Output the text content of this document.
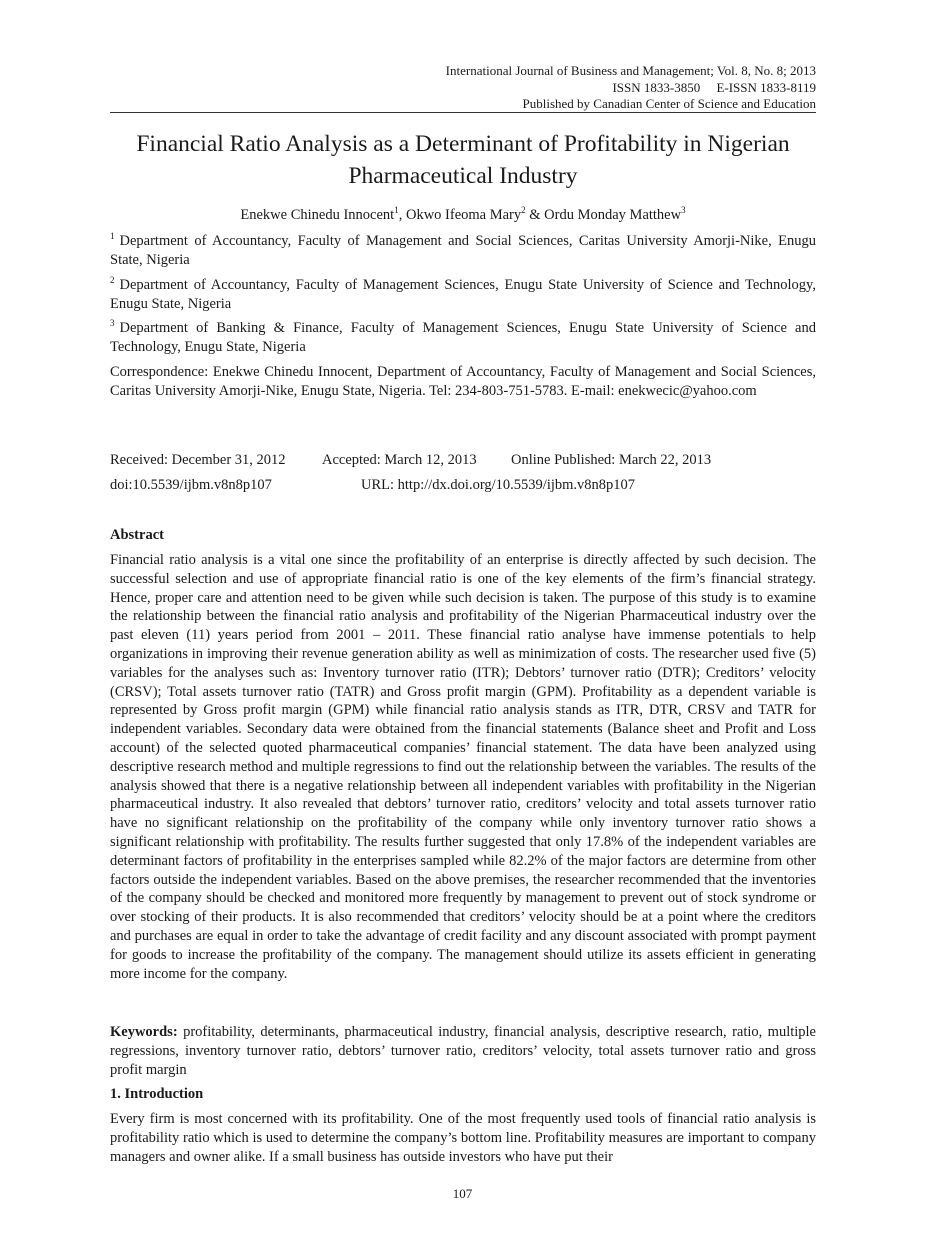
International Journal of Business and Management; Vol. 8, No. 8; 2013
ISSN 1833-3850     E-ISSN 1833-8119
Published by Canadian Center of Science and Education
Financial Ratio Analysis as a Determinant of Profitability in Nigerian Pharmaceutical Industry
Enekwe Chinedu Innocent$^1$, Okwo Ifeoma Mary$^2$ & Ordu Monday Matthew$^3$
$^1$ Department of Accountancy, Faculty of Management and Social Sciences, Caritas University Amorji-Nike, Enugu State, Nigeria
$^2$ Department of Accountancy, Faculty of Management Sciences, Enugu State University of Science and Technology, Enugu State, Nigeria
$^3$ Department of Banking & Finance, Faculty of Management Sciences, Enugu State University of Science and Technology, Enugu State, Nigeria
Correspondence: Enekwe Chinedu Innocent, Department of Accountancy, Faculty of Management and Social Sciences, Caritas University Amorji-Nike, Enugu State, Nigeria. Tel: 234-803-751-5783. E-mail: enekwecic@yahoo.com
Received: December 31, 2012	Accepted: March 12, 2013 Online Published: March 22, 2013
doi:10.5539/ijbm.v8n8p107	URL: http://dx.doi.org/10.5539/ijbm.v8n8p107
Abstract
Financial ratio analysis is a vital one since the profitability of an enterprise is directly affected by such decision. The successful selection and use of appropriate financial ratio is one of the key elements of the firm’s financial strategy. Hence, proper care and attention need to be given while such decision is taken. The purpose of this study is to examine the relationship between the financial ratio analysis and profitability of the Nigerian Pharmaceutical industry over the past eleven (11) years period from 2001 – 2011. These financial ratio analyse have immense potentials to help organizations in improving their revenue generation ability as well as minimization of costs. The researcher used five (5) variables for the analyses such as: Inventory turnover ratio (ITR); Debtors’ turnover ratio (DTR); Creditors’ velocity (CRSV); Total assets turnover ratio (TATR) and Gross profit margin (GPM). Profitability as a dependent variable is represented by Gross profit margin (GPM) while financial ratio analysis stands as ITR, DTR, CRSV and TATR for independent variables. Secondary data were obtained from the financial statements (Balance sheet and Profit and Loss account) of the selected quoted pharmaceutical companies’ financial statement. The data have been analyzed using descriptive research method and multiple regressions to find out the relationship between the variables. The results of the analysis showed that there is a negative relationship between all independent variables with profitability in the Nigerian pharmaceutical industry. It also revealed that debtors’ turnover ratio, creditors’ velocity and total assets turnover ratio have no significant relationship on the profitability of the company while only inventory turnover ratio shows a significant relationship with profitability. The results further suggested that only 17.8% of the independent variables are determinant factors of profitability in the enterprises sampled while 82.2% of the major factors are determine from other factors outside the independent variables. Based on the above premises, the researcher recommended that the inventories of the company should be checked and monitored more frequently by management to prevent out of stock syndrome or over stocking of their products. It is also recommended that creditors’ velocity should be at a point where the creditors and purchases are equal in order to take the advantage of credit facility and any discount associated with prompt payment for goods to increase the profitability of the company. The management should utilize its assets efficient in generating more income for the company.
Keywords: profitability, determinants, pharmaceutical industry, financial analysis, descriptive research, ratio, multiple regressions, inventory turnover ratio, debtors’ turnover ratio, creditors’ velocity, total assets turnover ratio and gross profit margin
1. Introduction
Every firm is most concerned with its profitability. One of the most frequently used tools of financial ratio analysis is profitability ratio which is used to determine the company’s bottom line. Profitability measures are important to company managers and owner alike. If a small business has outside investors who have put their
107
